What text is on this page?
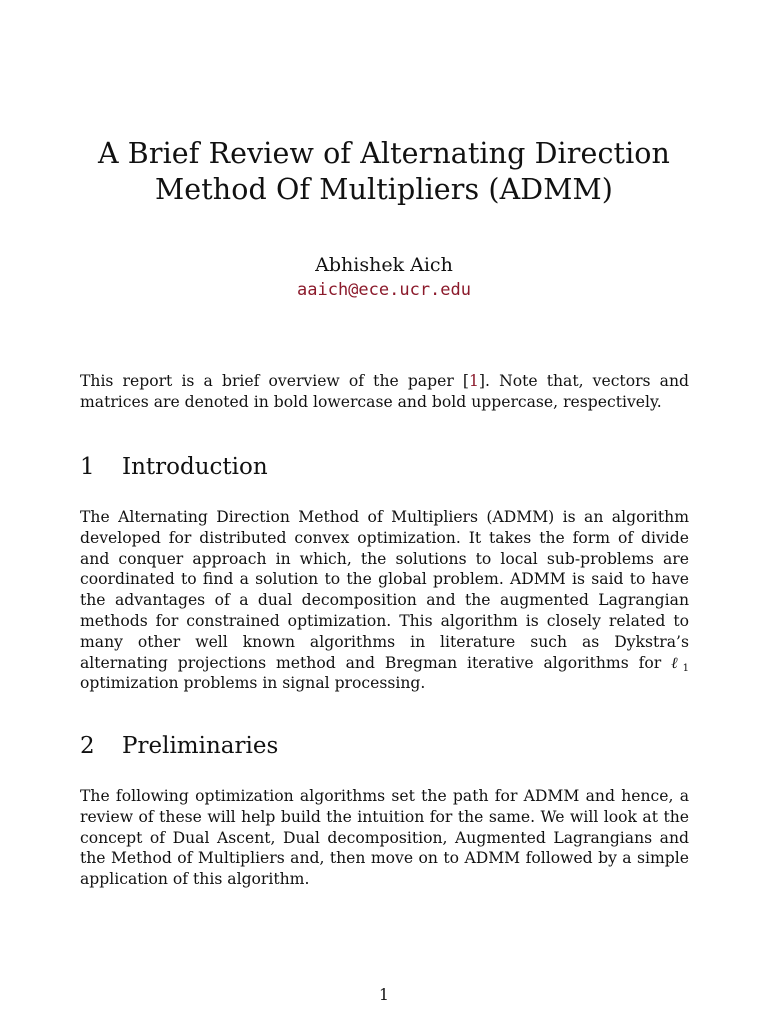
A Brief Review of Alternating Direction
Method Of Multipliers (ADMM)
Abhishek Aich
aaich@ece.ucr.edu

This report is a brief overview of the paper [1]. Note that, vectors and matrices are denoted in bold lowercase and bold uppercase, respectively.

1 Introduction

The Alternating Direction Method of Multipliers (ADMM) is an algorithm developed for distributed convex optimization. It takes the form of divide and conquer approach in which, the solutions to local sub-problems are coordinated to find a solution to the global problem. ADMM is said to have the advantages of a dual decomposition and the augmented Lagrangian methods for constrained optimization. This algorithm is closely related to many other well known algorithms in literature such as Dykstra’s alternating projections method and Bregman iterative algorithms for ℓ$_1$ optimization problems in signal processing.

2 Preliminaries

The following optimization algorithms set the path for ADMM and hence, a review of these will help build the intuition for the same. We will look at the concept of Dual Ascent, Dual decomposition, Augmented Lagrangians and the Method of Multipliers and, then move on to ADMM followed by a simple application of this algorithm.

1
